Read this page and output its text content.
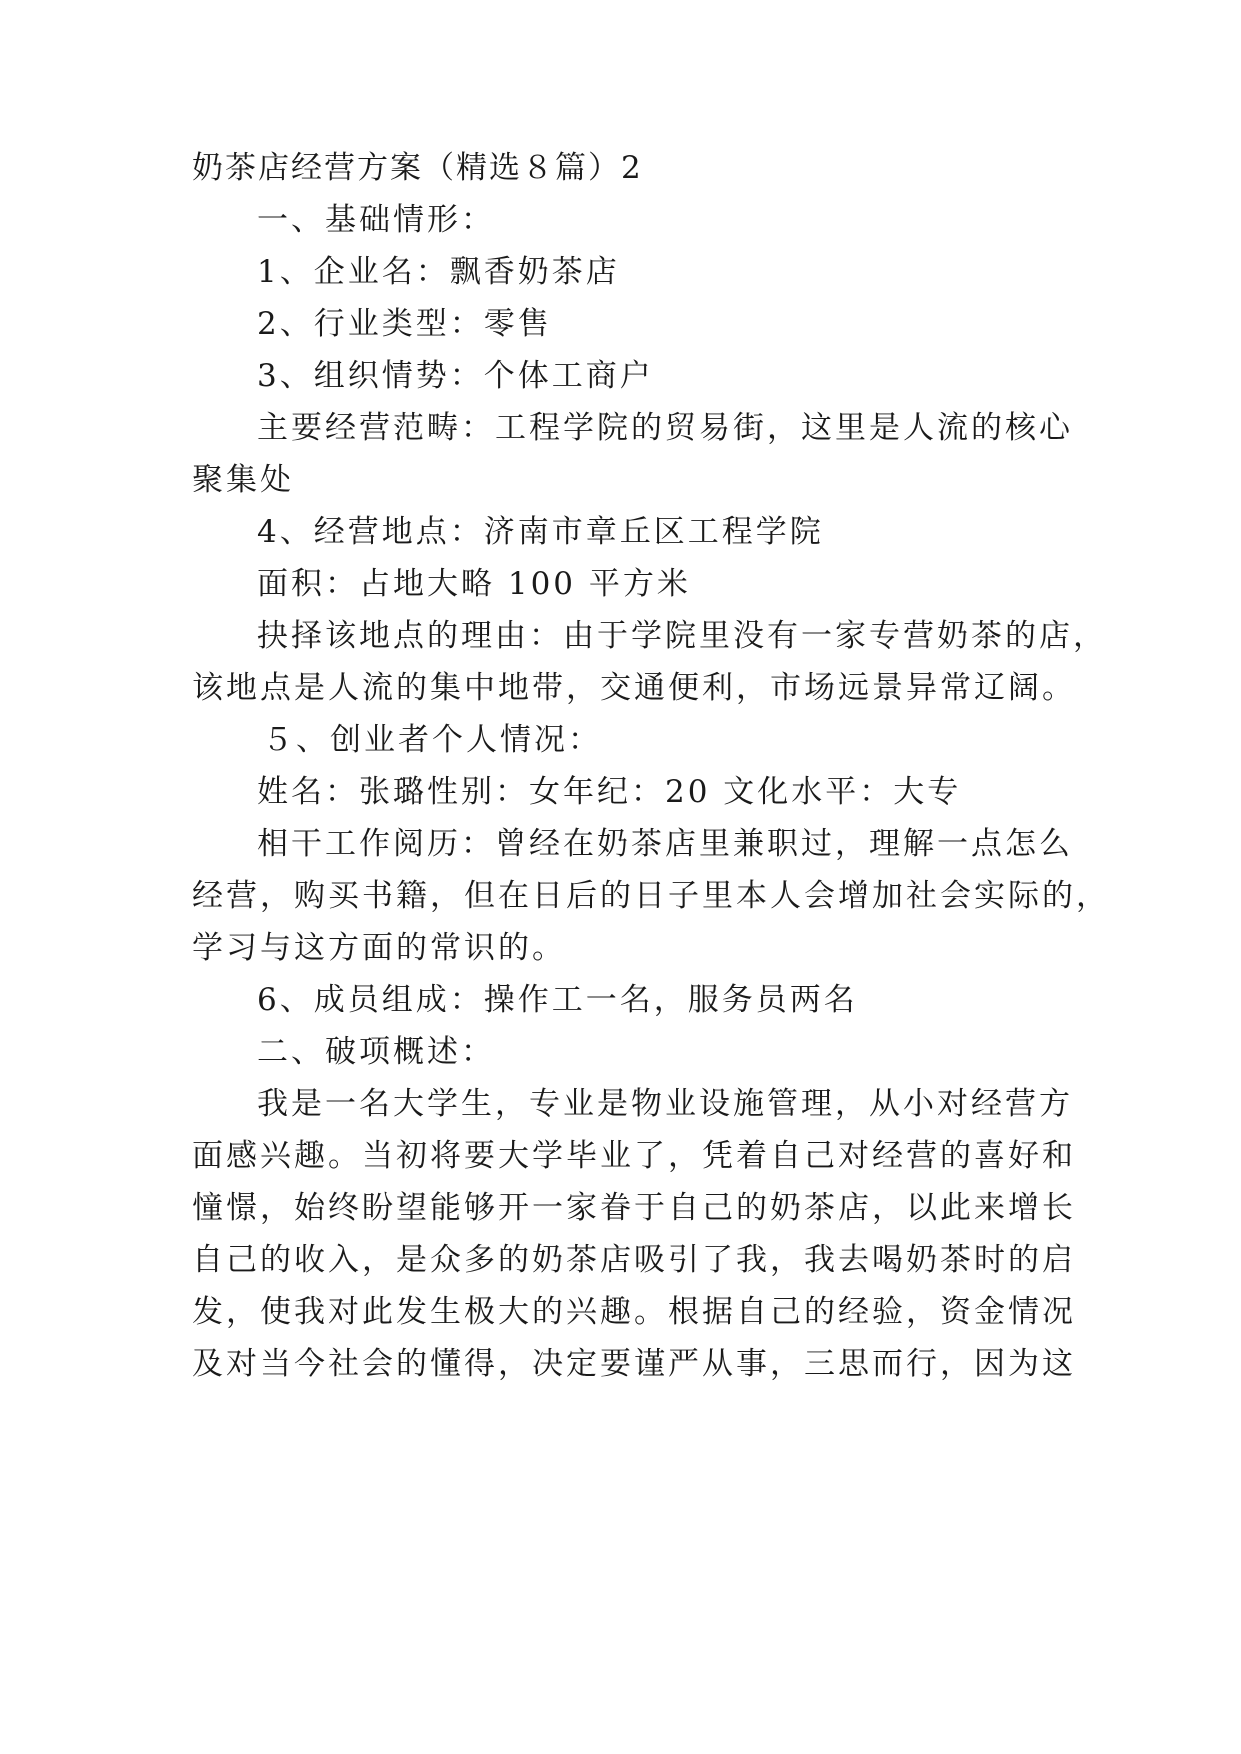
奶茶店经营方案（精选８篇）2
一、基础情形：
1、企业名：飘香奶茶店
2、行业类型：零售
3、组织情势：个体工商户
主要经营范畴：工程学院的贸易街，这里是人流的核心
聚集处
4、经营地点：济南市章丘区工程学院
面积：占地大略 100 平方米
抉择该地点的理由：由于学院里没有一家专营奶茶的店，
该地点是人流的集中地带，交通便利，市场远景异常辽阔。
５、创业者个人情况：
姓名：张璐性别：女年纪：20 文化水平：大专
相干工作阅历：曾经在奶茶店里兼职过，理解一点怎么
经营，购买书籍，但在日后的日子里本人会增加社会实际的，
学习与这方面的常识的。
6、成员组成：操作工一名，服务员两名
二、破项概述：
我是一名大学生，专业是物业设施管理，从小对经营方
面感兴趣。当初将要大学毕业了，凭着自己对经营的喜好和
憧憬，始终盼望能够开一家眷于自己的奶茶店，以此来增长
自己的收入，是众多的奶茶店吸引了我，我去喝奶茶时的启
发，使我对此发生极大的兴趣。根据自己的经验，资金情况
及对当今社会的懂得，决定要谨严从事，三思而行，因为这
